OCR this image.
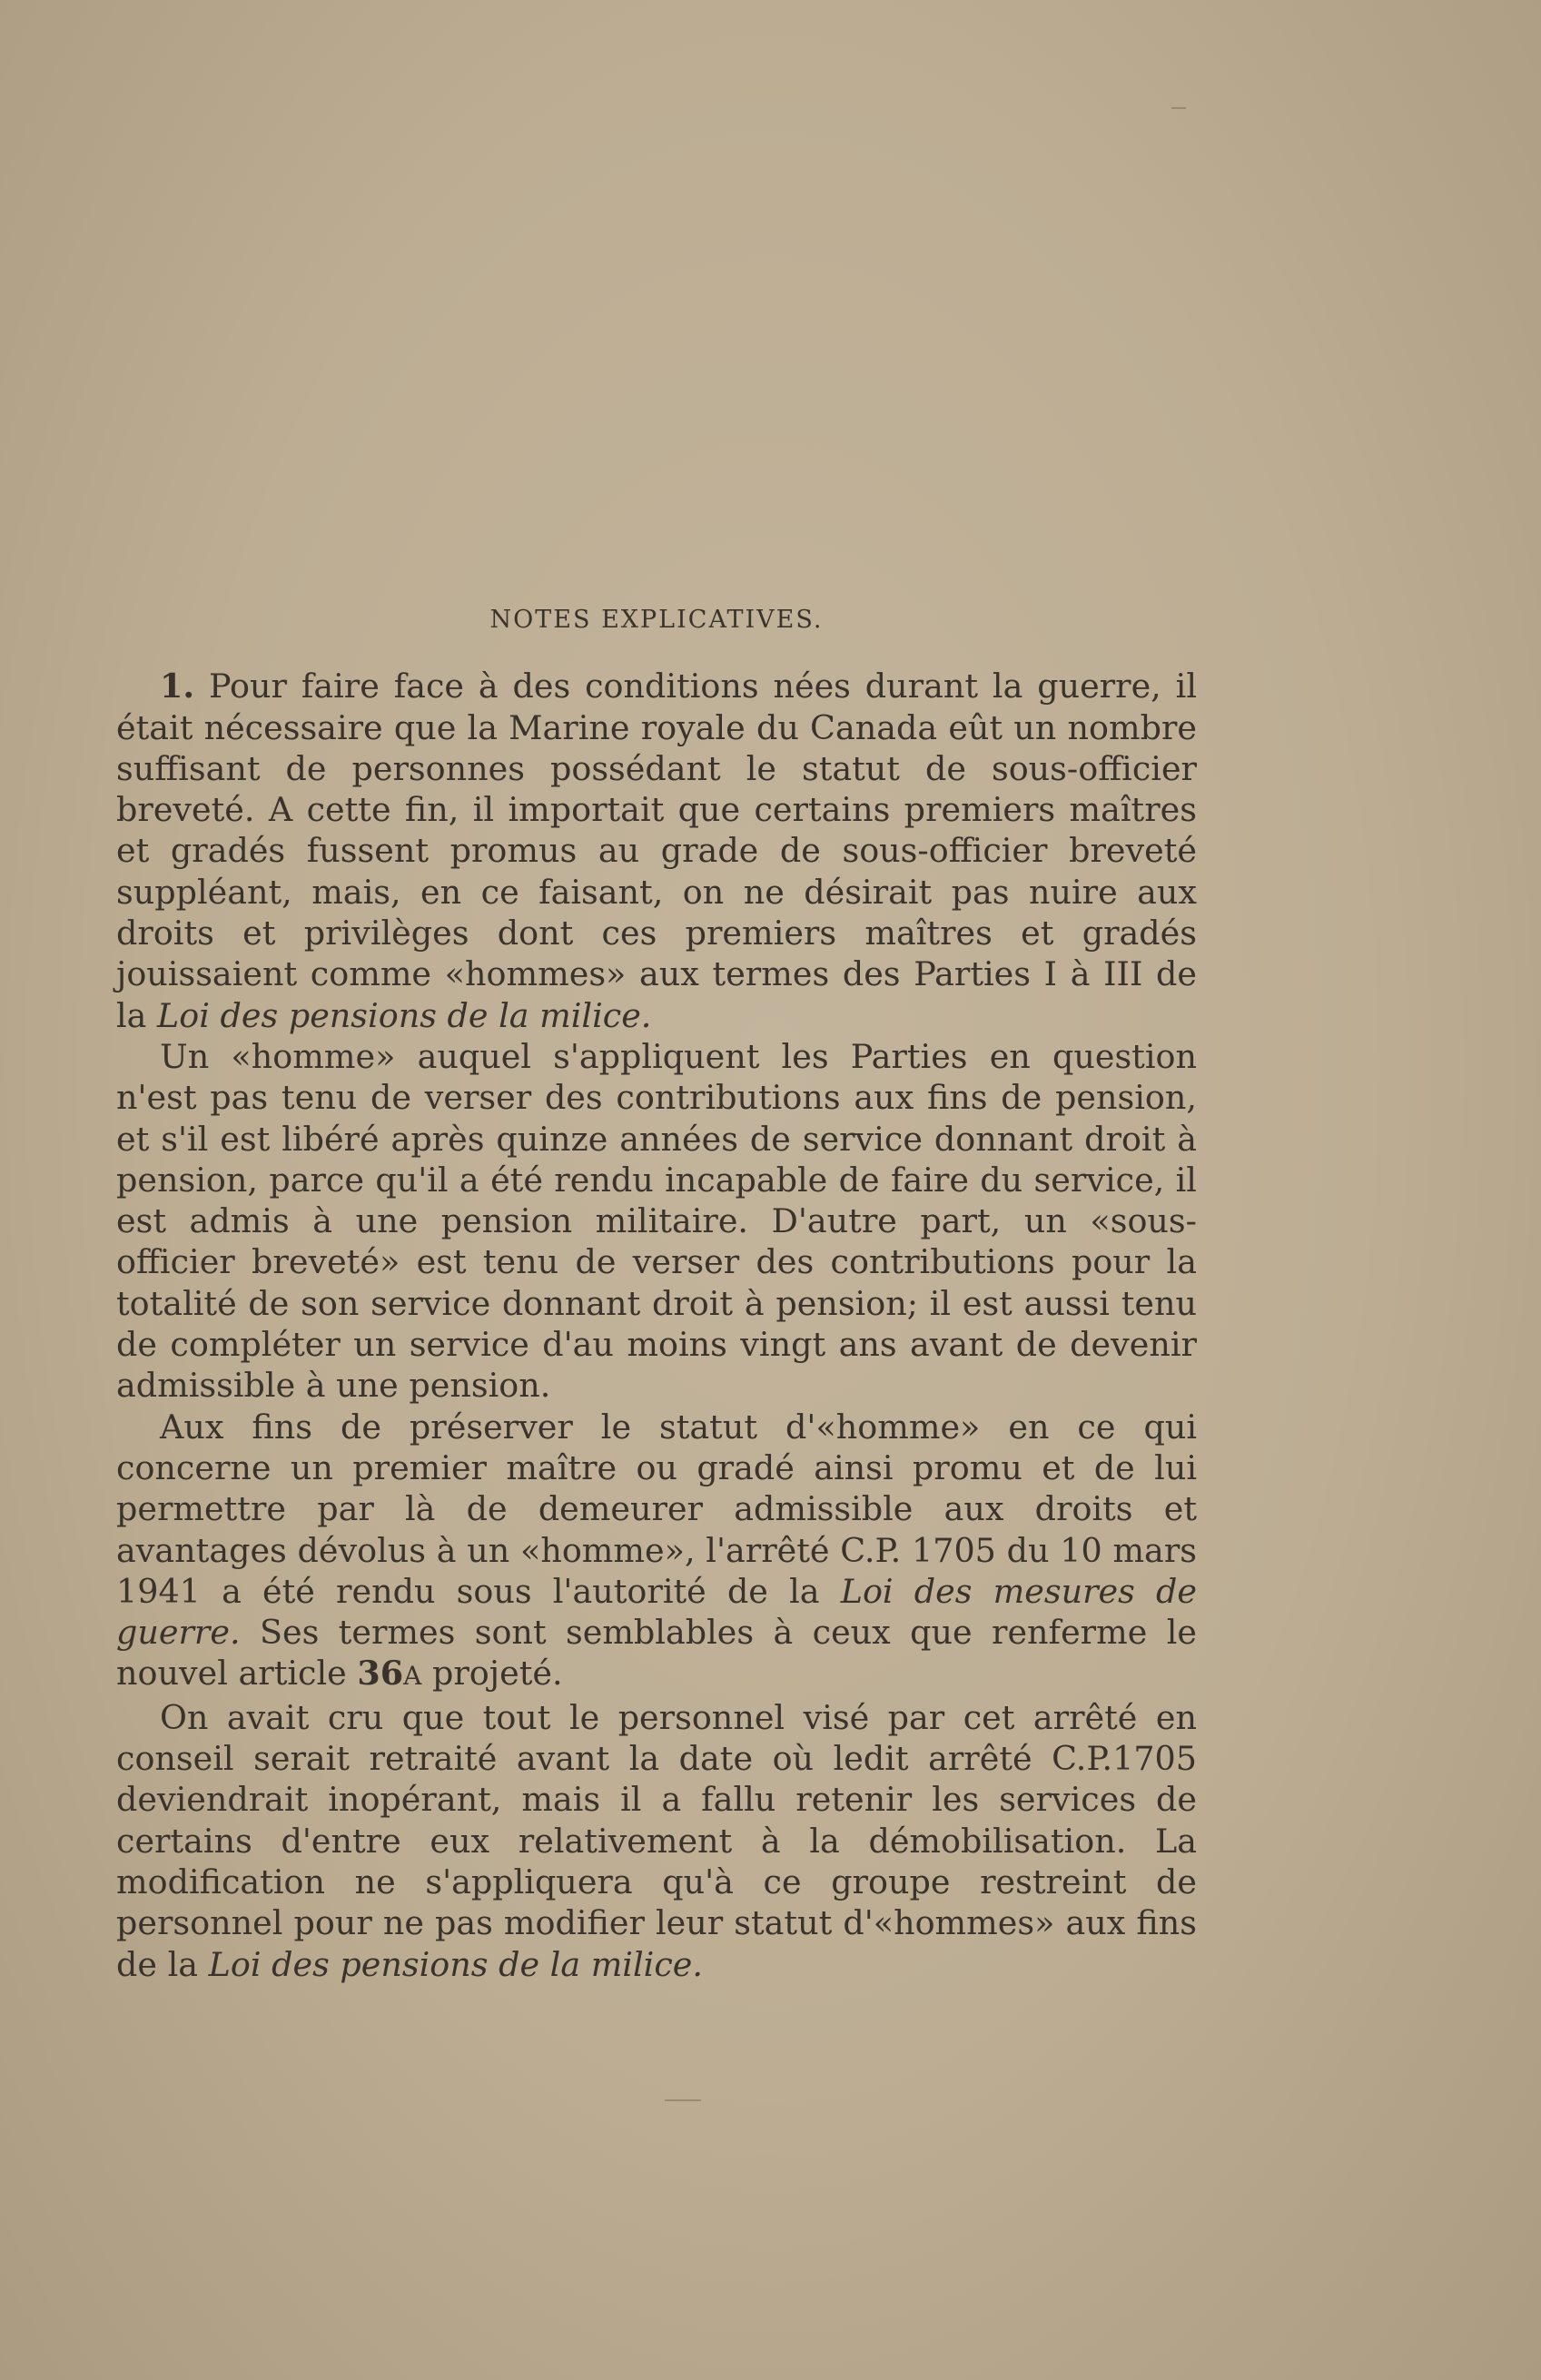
NOTES EXPLICATIVES.

1. Pour faire face à des conditions nées durant la guerre, il était nécessaire que la Marine royale du Canada eût un nombre suffisant de personnes possédant le statut de sous-officier breveté. A cette fin, il importait que certains premiers maîtres et gradés fussent promus au grade de sous-officier breveté suppléant, mais, en ce faisant, on ne désirait pas nuire aux droits et privilèges dont ces premiers maîtres et gradés jouissaient comme «hommes» aux termes des Parties I à III de la Loi des pensions de la milice.

Un «homme» auquel s'appliquent les Parties en question n'est pas tenu de verser des contributions aux fins de pension, et s'il est libéré après quinze années de service donnant droit à pension, parce qu'il a été rendu incapable de faire du service, il est admis à une pension militaire. D'autre part, un «sous-officier breveté» est tenu de verser des contributions pour la totalité de son service donnant droit à pension; il est aussi tenu de compléter un service d'au moins vingt ans avant de devenir admissible à une pension.

Aux fins de préserver le statut d'«homme» en ce qui concerne un premier maître ou gradé ainsi promu et de lui permettre par là de demeurer admissible aux droits et avantages dévolus à un «homme», l'arrêté C.P. 1705 du 10 mars 1941 a été rendu sous l'autorité de la Loi des mesures de guerre. Ses termes sont semblables à ceux que renferme le nouvel article 36A projeté.

On avait cru que tout le personnel visé par cet arrêté en conseil serait retraité avant la date où ledit arrêté C.P.1705 deviendrait inopérant, mais il a fallu retenir les services de certains d'entre eux relativement à la démobilisation. La modification ne s'appliquera qu'à ce groupe restreint de personnel pour ne pas modifier leur statut d'«hommes» aux fins de la Loi des pensions de la milice.
